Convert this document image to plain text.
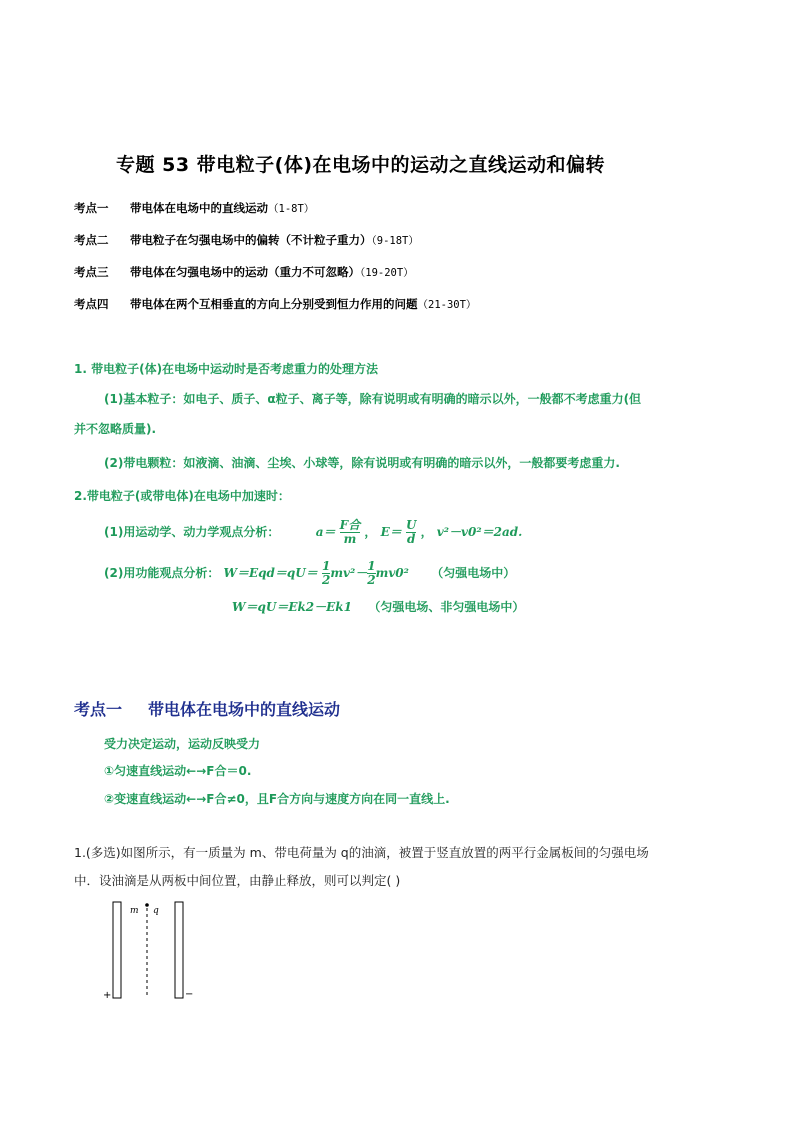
专题 53 带电粒子(体)在电场中的运动之直线运动和偏转
考点一 带电体在电场中的直线运动（1-8T）
考点二 带电粒子在匀强电场中的偏转（不计粒子重力）（9-18T）
考点三 带电体在匀强电场中的运动（重力不可忽略）（19-20T）
考点四 带电体在两个互相垂直的方向上分别受到恒力作用的问题（21-30T）
1. 带电粒子(体)在电场中运动时是否考虑重力的处理方法
(1)基本粒子：如电子、质子、α粒子、离子等，除有说明或有明确的暗示以外，一般都不考虑重力(但
并不忽略质量).
(2)带电颗粒：如液滴、油滴、尘埃、小球等，除有说明或有明确的暗示以外，一般都要考虑重力.
2.带电粒子(或带电体)在电场中加速时：
(1)用运动学、动力学观点分析：	$a= \frac{\text{F合}}{m}$ ， $E= \frac{U}{d}$ ， v²－v0²＝2ad.
(2)用功能观点分析： $W=Eqd=qU= \frac{1}{2} mv^2- \frac{1}{2} mv0^2$ （匀强电场中）
W＝qU＝Ek2－Ek1 （匀强电场、非匀强电场中）
考点一 带电体在电场中的直线运动
受力决定运动，运动反映受力
①匀速直线运动←→F合＝0.
②变速直线运动←→F合≠0，且F合方向与速度方向在同一直线上.
1.(多选)如图所示，有一质量为 m、带电荷量为 q的油滴，被置于竖直放置的两平行金属板间的匀强电场
中．设油滴是从两板中间位置，由静止释放，则可以判定( )
m q
+	−
